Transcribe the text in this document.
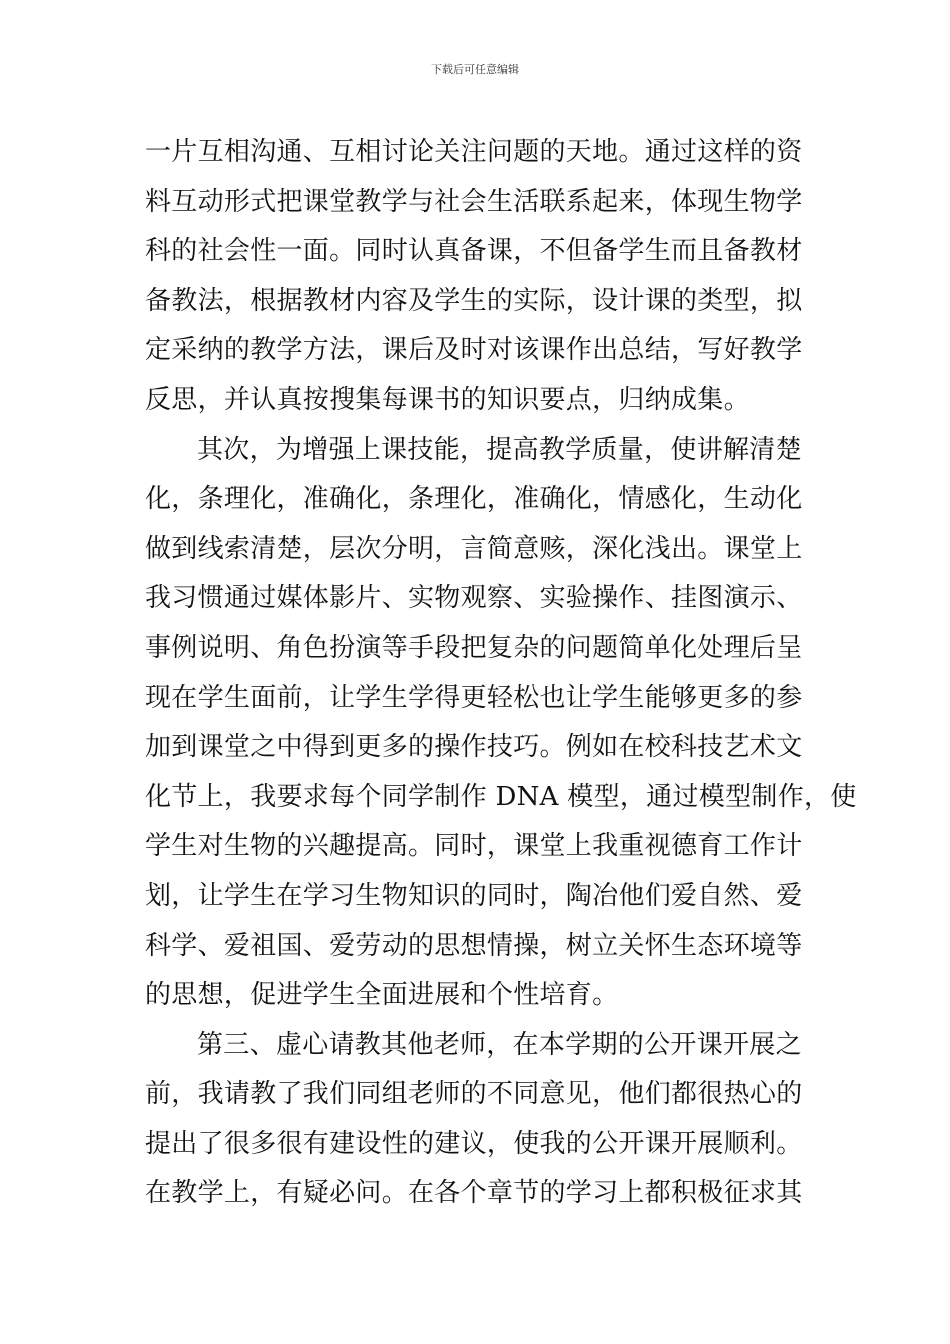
下载后可任意编辑
一片互相沟通、互相讨论关注问题的天地。通过这样的资
料互动形式把课堂教学与社会生活联系起来，体现生物学
科的社会性一面。同时认真备课，不但备学生而且备教材
备教法，根据教材内容及学生的实际，设计课的类型，拟
定采纳的教学方法，课后及时对该课作出总结，写好教学
反思，并认真按搜集每课书的知识要点，归纳成集。
其次，为增强上课技能，提高教学质量，使讲解清楚
化，条理化，准确化，条理化，准确化，情感化，生动化
做到线索清楚，层次分明，言简意赅，深化浅出。课堂上
我习惯通过媒体影片、实物观察、实验操作、挂图演示、
事例说明、角色扮演等手段把复杂的问题简单化处理后呈
现在学生面前，让学生学得更轻松也让学生能够更多的参
加到课堂之中得到更多的操作技巧。例如在校科技艺术文
化节上，我要求每个同学制作 DNA 模型，通过模型制作，使
学生对生物的兴趣提高。同时，课堂上我重视德育工作计
划，让学生在学习生物知识的同时，陶冶他们爱自然、爱
科学、爱祖国、爱劳动的思想情操，树立关怀生态环境等
的思想，促进学生全面进展和个性培育。
第三、虚心请教其他老师，在本学期的公开课开展之
前，我请教了我们同组老师的不同意见，他们都很热心的
提出了很多很有建设性的建议，使我的公开课开展顺利。
在教学上，有疑必问。在各个章节的学习上都积极征求其
